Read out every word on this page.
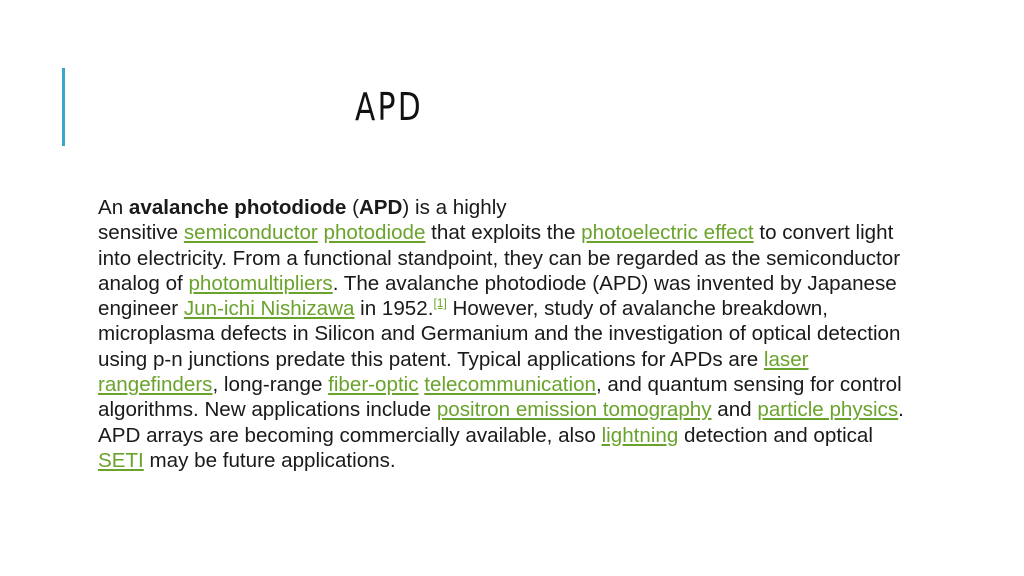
APD

An avalanche photodiode (APD) is a highly
sensitive semiconductor photodiode that exploits the photoelectric effect to convert light into electricity. From a functional standpoint, they can be regarded as the semiconductor analog of photomultipliers. The avalanche photodiode (APD) was invented by Japanese engineer Jun-ichi Nishizawa in 1952.[1] However, study of avalanche breakdown, microplasma defects in Silicon and Germanium and the investigation of optical detection using p-n junctions predate this patent. Typical applications for APDs are laser rangefinders, long-range fiber-optic telecommunication, and quantum sensing for control algorithms. New applications include positron emission tomography and particle physics. APD arrays are becoming commercially available, also lightning detection and optical SETI may be future applications.
